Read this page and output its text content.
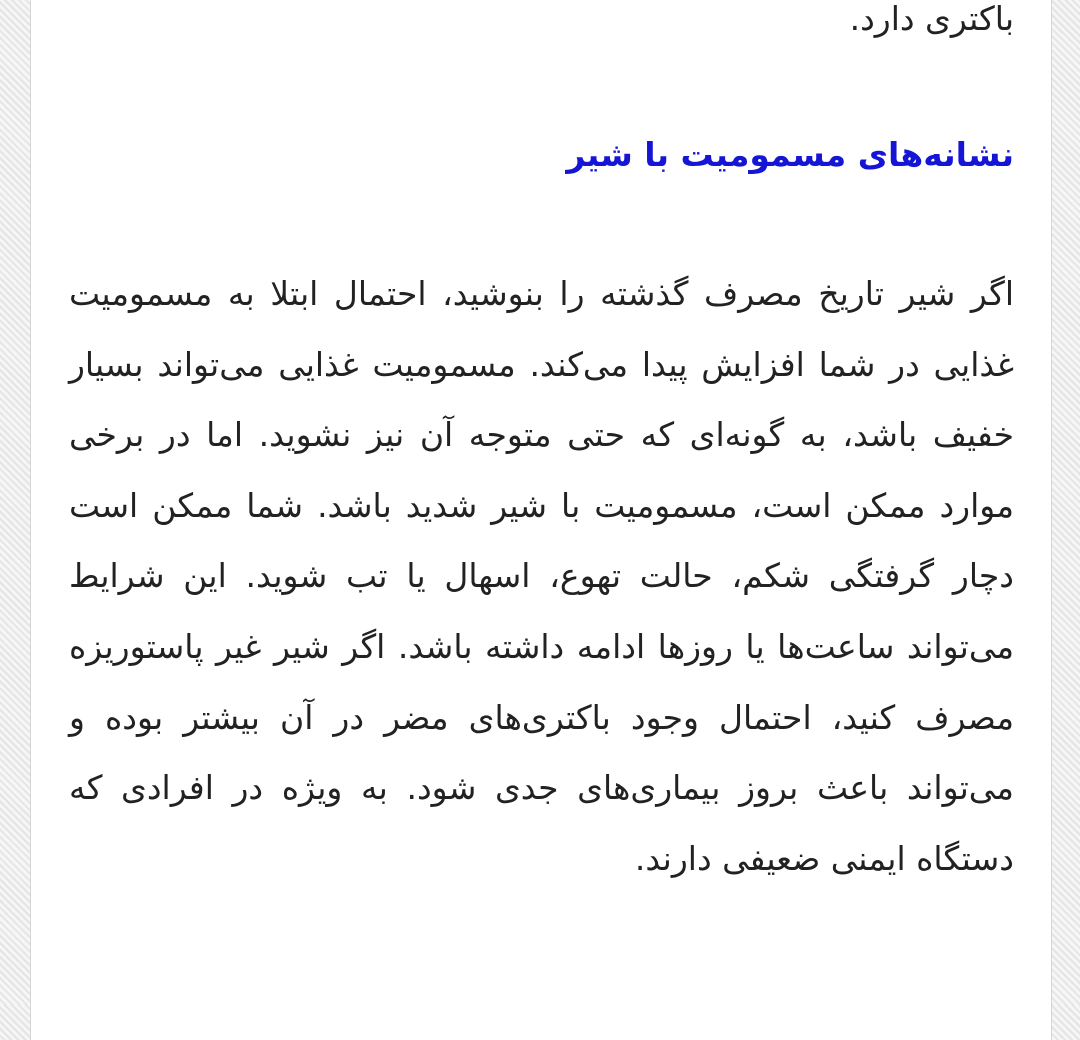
باکتری دارد.

نشانه‌های مسمومیت با شیر

اگر شیر تاریخ مصرف گذشته را بنوشید، احتمال ابتلا به مسمومیت غذایی در شما افزایش پیدا می‌کند. مسمومیت غذایی می‌تواند بسیار خفیف باشد، به گونه‌ای که حتی متوجه آن نیز نشوید. اما در برخی موارد ممکن است، مسمومیت با شیر شدید باشد. شما ممکن است دچار گرفتگی شکم، حالت تهوع، اسهال یا تب شوید. این شرایط می‌تواند ساعت‌ها یا روزها ادامه داشته باشد. اگر شیر غیر پاستوریزه مصرف کنید، احتمال وجود باکتری‌های مضر در آن بیشتر بوده و می‌تواند باعث بروز بیماری‌های جدی شود. به ویژه در افرادی که دستگاه ایمنی ضعیفی دارند.
